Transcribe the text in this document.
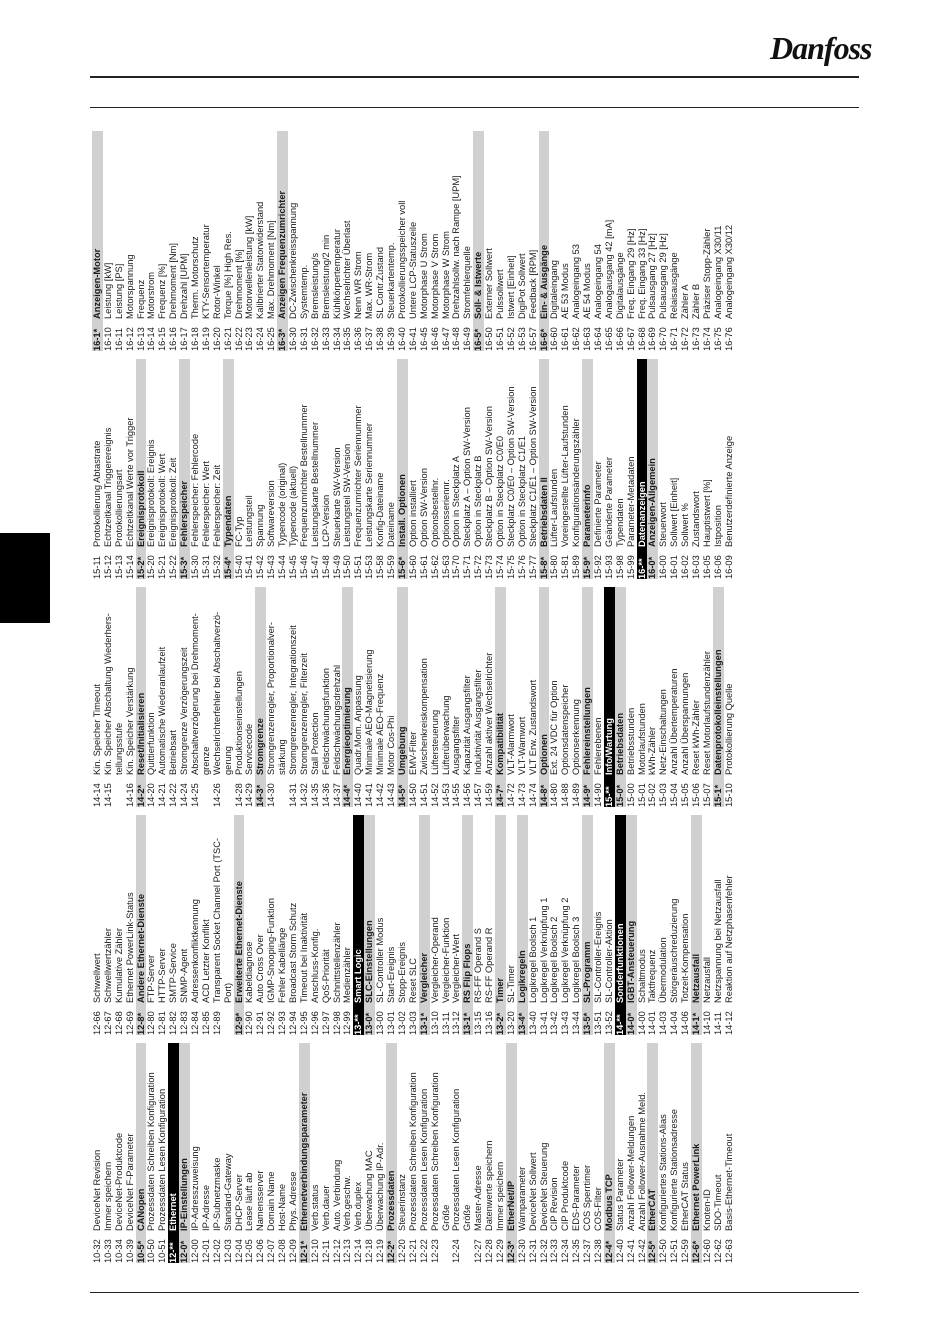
Danfoss
10-32
DeviceNet Revision
10-33
Immer speichern
10-34
DeviceNet-Produktcode
10-39
DeviceNet F-Parameter
10-5*
CANopen
10-50
Prozessdaten Schreiben Konfiguration
10-51
Prozessdaten Lesen Konfiguration
12-**
Ethernet
12-0*
IP-Einstellungen
12-00
IP-Adresszuweisung
12-01
IP-Adresse
12-02
IP-Subnetzmaske
12-03
Standard-Gateway
12-04
DHCP-Server
12-05
Lease läuft ab
12-06
Namensserver
12-07
Domain Name
12-08
Host-Name
12-09
Phys. Adresse
12-1*
Ethernetverbindungsparameter
12-10
Verb.status
12-11
Verb.dauer
12-12
Auto. Verbindung
12-13
Verb.geschw.
12-14
Verb.duplex
12-18
Überwachung MAC
12-19
Überwachung IP-Adr.
12-2*
Prozessdaten
12-20
Steuerinstanz
12-21
Prozessdaten Schreiben Konfiguration
12-22
Prozessdaten Lesen Konfiguration
12-23
Prozessdaten Schreiben Konfiguration Größe
12-24
Prozessdaten Lesen Konfiguration Größe
12-27
Master-Adresse
12-28
Datenwerte speichern
12-29
Immer speichern
12-3*
EtherNet/IP
12-30
Warnparameter
12-31
DeviceNet Sollwert
12-32
DeviceNet Steuerung
12-33
CIP Revision
12-34
CIP Produktcode
12-35
EDS-Parameter
12-37
COS Sperrtimer
12-38
COS-Filter
12-4*
Modbus TCP
12-40
Status Parameter
12-41
Anzahl Follower-Meldungen
12-42
Anzahl Follower-Ausnahme Meld.
12-5*
EtherCAT
12-50
Konfiguriertes Stations-Alias
12-51
Konfigurierte Stationsadresse
12-59
EtherCAT Status
12-6*
Ethernet PowerLink
12-60
Knoten-ID
12-62
SDO-Timeout
12-63
Basis-Ethernet-Timeout
12-66
Schwellwert
12-67
Schwellwertzähler
12-68
Kumulative Zähler
12-69
Ethernet PowerLink-Status
12-8*
Andere Ethernet-Dienste
12-80
FTP-Server
12-81
HTTP-Server
12-82
SMTP-Service
12-83
SNMP-Agent
12-84
Adressenkonfliktkennung
12-85
ACD Letzter Konflikt
12-89
Transparent Socket Channel Port (TSC- Port)
12-9*
Erweiterte Ethernet-Dienste
12-90
Kabeldiagnose
12-91
Auto Cross Over
12-92
IGMP-Snooping-Funktion
12-93
Fehler Kabellänge
12-94
Broadcast Storm Schutz
12-95
Timeout bei Inaktivität
12-96
Anschluss-Konfig.
12-97
QoS-Priorität
12-98
Schnittstellenzähler
12-99
Medienzähler
13-**
Smart Logic
13-0*
SLC-Einstellungen
13-00
SL-Controller Modus
13-01
Start-Ereignis
13-02
Stopp-Ereignis
13-03
Reset SLC
13-1*
Vergleicher
13-10
Vergleicher-Operand
13-11
Vergleicher-Funktion
13-12
Vergleicher-Wert
13-1*
RS Flip Flops
13-15
RS-FF Operand S
13-16
RS-FF Operand R
13-2*
Timer
13-20
SL-Timer
13-4*
Logikregeln
13-40
Logikregel Boolsch 1
13-41
Logikregel Verknüpfung 1
13-42
Logikregel Boolsch 2
13-43
Logikregel Verknüpfung 2
13-44
Logikregel Boolsch 3
13-5*
SL-Programm
13-51
SL-Controller-Ereignis
13-52
SL-Controller-Aktion
14-**
Sonderfunktionen
14-0*
IGBT-Ansteuerung
14-00
Schaltmodus
14-01
Taktfrequenz
14-03
Übermodulation
14-04
Störgeräuschreduzierung
14-06
Totzeit-Kompensation
14-1*
Netzausfall
14-10
Netzausfall
14-11
Netzspannung bei Netzausfall
14-12
Reaktion auf Netzphasenfehler
14-14
Kin. Speicher Timeout
14-15
Kin. Speicher Abschaltung Wiederhers- tellungsstufe
14-16
Kin. Speicher Verstärkung
14-2*
Reset/Initialisieren
14-20
Quittierfunktion
14-21
Automatische Wiederanlaufzeit
14-22
Betriebsart
14-24
Stromgrenze Verzögerungszeit
14-25
Abschaltverzögerung bei Drehmoment- grenze
14-26
Wechselrichterfehler bei Abschaltverzö- gerung
14-28
Produktionseinstellungen
14-29
Servicecode
14-3*
Stromgrenze
14-30
Stromgrenzenregler, Proportionalver- stärkung
14-31
Stromgrenzenregler, Integrationszeit
14-32
Stromgrenzenregler, Filterzeit
14-35
Stall Protection
14-36
Feldschwächungsfunktion
14-37
Feldschwächungsdrehzahl
14-4*
Energieoptimierung
14-40
Quadr.Mom. Anpassung
14-41
Minimale AEO-Magnetisierung
14-42
Minimale AEO-Frequenz
14-43
Motor Cos-Phi
14-5*
Umgebung
14-50
EMV-Filter
14-51
Zwischenkreiskompensation
14-52
Lüftersteuerung
14-53
Lüfterüberwachung
14-55
Ausgangsfilter
14-56
Kapazität Ausgangsfilter
14-57
Induktivität Ausgangsfilter
14-59
Anzahl aktiver Wechselrichter
14-7*
Kompatibilität
14-72
VLT-Alarmwort
14-73
VLT-Warnwort
14-74
VLT Erw. Zustandswort
14-8*
Optionen
14-80
Ext. 24 VDC für Option
14-88
Optionsdatenspeicher
14-89
Optionserkennung
14-9*
Fehlereinstellungen
14-90
Fehlerebenen
15-**
Info/Wartung
15-0*
Betriebsdaten
15-00
Betriebsstunden
15-01
Motorlaufstunden
15-02
kWh-Zähler
15-03
Netz-Einschaltungen
15-04
Anzahl Übertemperaturen
15-05
Anzahl Überspannungen
15-06
Reset kWh-Zähler
15-07
Reset Motorlaufstundenzähler
15-1*
Datenprotokolleinstellungen
15-10
Protokollierung Quelle
15-11
Protokollierung Abtastrate
15-12
Echtzeitkanal Triggerereignis
15-13
Protokollierungsart
15-14
Echtzeitkanal Werte vor Trigger
15-2*
Ereignisprotokoll
15-20
Ereignisprotokoll: Ereignis
15-21
Ereignisprotokoll: Wert
15-22
Ereignisprotokoll: Zeit
15-3*
Fehlerspeicher
15-30
Fehlerspeicher: Fehlercode
15-31
Fehlerspeicher: Wert
15-32
Fehlerspeicher: Zeit
15-4*
Typendaten
15-40
FC-Typ
15-41
Leistungsteil
15-42
Spannung
15-43
Softwareversion
15-44
Typencode (original)
15-45
Typencode (aktuell)
15-46
Frequenzumrichter Bestellnummer
15-47
Leistungskarte Bestellnummer
15-48
LCP-Version
15-49
Steuerkarte SW-Version
15-50
Leistungsteil SW-Version
15-51
Frequenzumrichter Seriennummer
15-53
Leistungskarte Seriennummer
15-58
Konfig-Dateiname
15-59
Dateiname
15-6*
Install. Optionen
15-60
Option installiert
15-61
Option SW-Version
15-62
Optionsbestellnr.
15-63
Optionsseriennr.
15-70
Option in Steckplatz A
15-71
Steckplatz A – Option SW-Version
15-72
Option in Steckplatz B
15-73
Steckplatz B – Option SW-Version
15-74
Option in Steckplatz C0/E0
15-75
Steckplatz C0/E0 – Option SW-Version
15-76
Option in Steckplatz C1/E1
15-77
Steckplatz C1/E1 – Option SW-Version
15-8*
Betriebsdaten II
15-80
Lüfter-Laufstunden
15-81
Voreingestellte Lüfter-Laufstunden
15-89
Konfigurationsänderungszähler
15-9*
Parameterinfo
15-92
Definierte Parameter
15-93
Geänderte Parameter
15-98
Typendaten
15-99
Parameter-Metadaten
16-**
Datenanzeigen
16-0*
Anzeigen-Allgemein
16-00
Steuerwort
16-01
Sollwert [Einheit]
16-02
Sollwert %
16-03
Zustandswort
16-05
Hauptistwert [%]
16-06
Istposition
16-09
Benutzerdefinierte Anzeige
16-1*
Anzeigen-Motor
16-10
Leistung [kW]
16-11
Leistung [PS]
16-12
Motorspannung
16-13
Frequenz
16-14
Motorstrom
16-15
Frequenz [%]
16-16
Drehmoment [Nm]
16-17
Drehzahl [UPM]
16-18
Therm. Motorschutz
16-19
KTY-Sensortemperatur
16-20
Rotor-Winkel
16-21
Torque [%] High Res.
16-22
Drehmoment [%]
16-23
Motorwellenleistung [kW]
16-24
Kalibrierter Statorwiderstand
16-25
Max. Drehmoment [Nm]
16-3*
Anzeigen Frequenzumrichter
16-30
DC-Zwischenkreisspannung
16-31
Systemtemp.
16-32
Bremsleistung/s
16-33
Bremsleistung/2 min
16-34
Kühlkörpertemperatur
16-35
Wechselrichter Überlast
16-36
Nenn WR Strom
16-37
Max. WR-Strom
16-38
SL Contr.Zustand
16-39
Steuerkartentemp.
16-40
Protokollierungsspeicher voll
16-41
Untere LCP-Statuszeile
16-45
Motorphase U Strom
16-46
Motorphase V Strom
16-47
Motorphase W Strom
16-48
Drehzahlsollw. nach Rampe [UPM]
16-49
Stromfehlerquelle
16-5*
Soll- & Istwerte
16-50
Externer Sollwert
16-51
Pulssollwert
16-52
Istwert [Einheit]
16-53
DigiPot Sollwert
16-57
Feedback [RPM]
16-6*
Ein- & Ausgänge
16-60
Digitaleingang
16-61
AE 53 Modus
16-62
Analogeingang 53
16-63
AE 54 Modus
16-64
Analogeingang 54
16-65
Analogausgang 42 [mA]
16-66
Digitalausgänge
16-67
Freq. Eingang 29 [Hz]
16-68
Freq. Eingang 33 [Hz]
16-69
Pulsausgang 27 [Hz]
16-70
Pulsausgang 29 [Hz]
16-71
Relaisausgänge
16-72
Zähler A
16-73
Zähler B
16-74
Präziser Stopp-Zähler
16-75
Analogeingang X30/11
16-76
Analogeingang X30/12
